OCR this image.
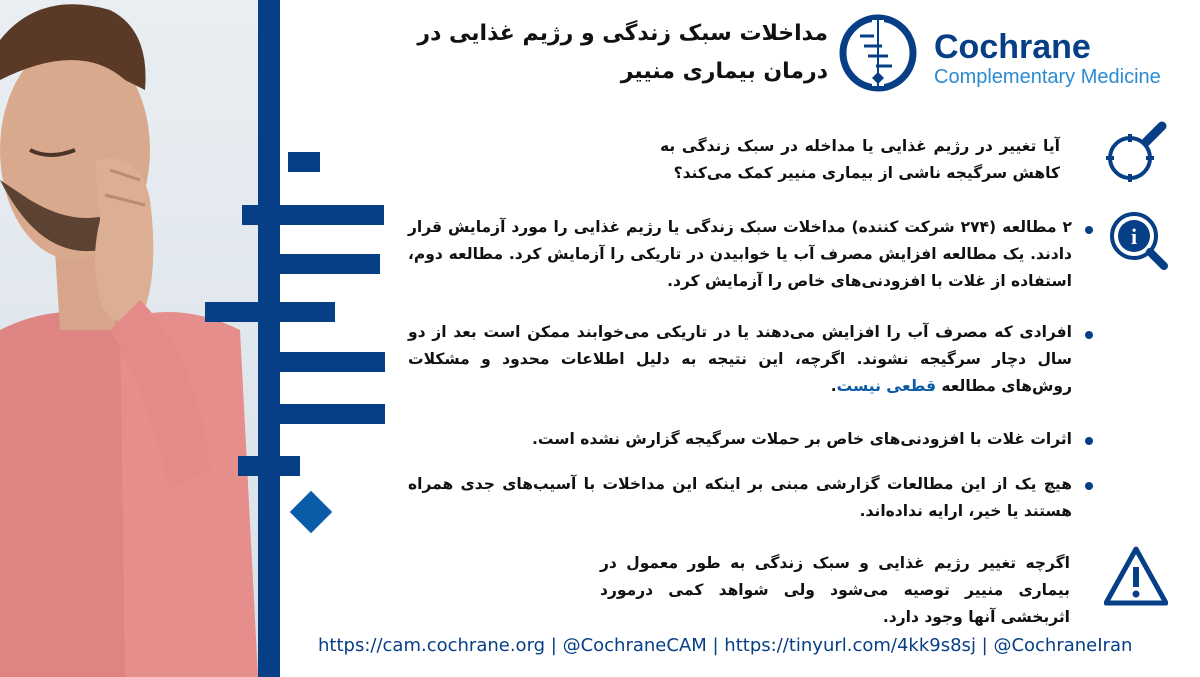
Cochrane
Complementary Medicine
مداخلات سبک زندگی و رژیم غذایی در درمان بیماری منییر
آیا تغییر در رژیم غذایی یا مداخله در سبک زندگی به کاهش سرگیجه ناشی از بیماری منییر کمک می‌کند؟
i
۲ مطالعه (۲۷۴ شرکت کننده) مداخلات سبک زندگی یا رژیم غذایی را مورد آزمایش قرار دادند. یک مطالعه افزایش مصرف آب یا خوابیدن در تاریکی را آزمایش کرد. مطالعه دوم، استفاده از غلات با افزودنی‌های خاص را آزمایش کرد.
افرادی که مصرف آب را افزایش می‌دهند یا در تاریکی می‌خوابند ممکن است بعد از دو سال دچار سرگیجه نشوند. اگرچه، این نتیجه به دلیل اطلاعات محدود و مشکلات روش‌های مطالعه قطعی نیست.
اثرات غلات با افزودنی‌های خاص بر حملات سرگیجه گزارش نشده است.
هیچ یک از این مطالعات گزارشی مبنی بر اینکه این مداخلات با آسیب‌های جدی همراه هستند یا خیر، ارایه نداده‌اند.
اگرچه تغییر رژیم غذایی و سبک زندگی به طور معمول در بیماری منییر توصیه می‌شود ولی شواهد کمی درمورد اثربخشی آنها وجود دارد.
https://cam.cochrane.org | @CochraneCAM | https://tinyurl.com/4kk9s8sj | @CochraneIran
